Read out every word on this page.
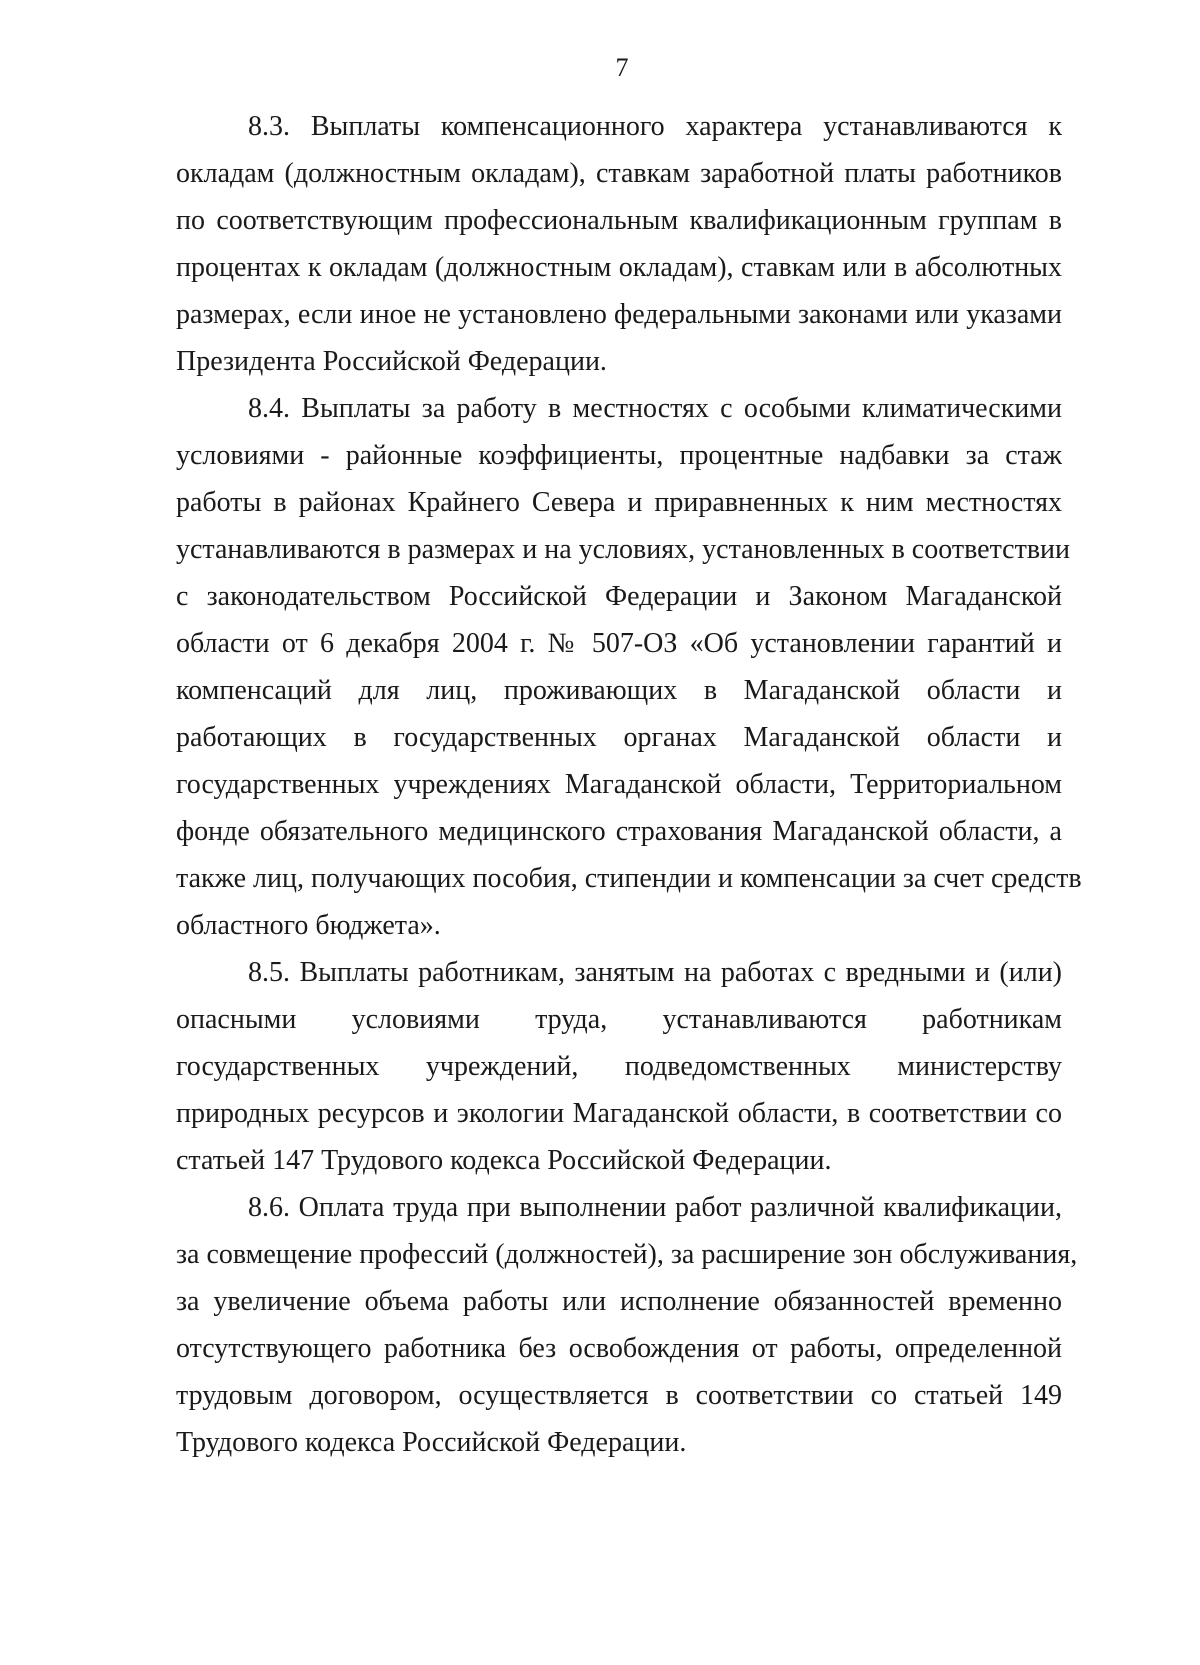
7
8.3. Выплаты компенсационного характера устанавливаются к
окладам (должностным окладам), ставкам заработной платы работников
по соответствующим профессиональным квалификационным группам в
процентах к окладам (должностным окладам), ставкам или в абсолютных
размерах, если иное не установлено федеральными законами или указами
Президента Российской Федерации.
8.4. Выплаты за работу в местностях с особыми климатическими
условиями - районные коэффициенты, процентные надбавки за стаж
работы в районах Крайнего Севера и приравненных к ним местностях
устанавливаются в размерах и на условиях, установленных в соответствии
с законодательством Российской Федерации и Законом Магаданской
области от 6 декабря 2004 г. № 507-ОЗ «Об установлении гарантий и
компенсаций для лиц, проживающих в Магаданской области и
работающих в государственных органах Магаданской области и
государственных учреждениях Магаданской области, Территориальном
фонде обязательного медицинского страхования Магаданской области, а
также лиц, получающих пособия, стипендии и компенсации за счет средств
областного бюджета».
8.5. Выплаты работникам, занятым на работах с вредными и (или)
опасными условиями труда, устанавливаются работникам
государственных учреждений, подведомственных министерству
природных ресурсов и экологии Магаданской области, в соответствии со
статьей 147 Трудового кодекса Российской Федерации.
8.6. Оплата труда при выполнении работ различной квалификации,
за совмещение профессий (должностей), за расширение зон обслуживания,
за увеличение объема работы или исполнение обязанностей временно
отсутствующего работника без освобождения от работы, определенной
трудовым договором, осуществляется в соответствии со статьей 149
Трудового кодекса Российской Федерации.
